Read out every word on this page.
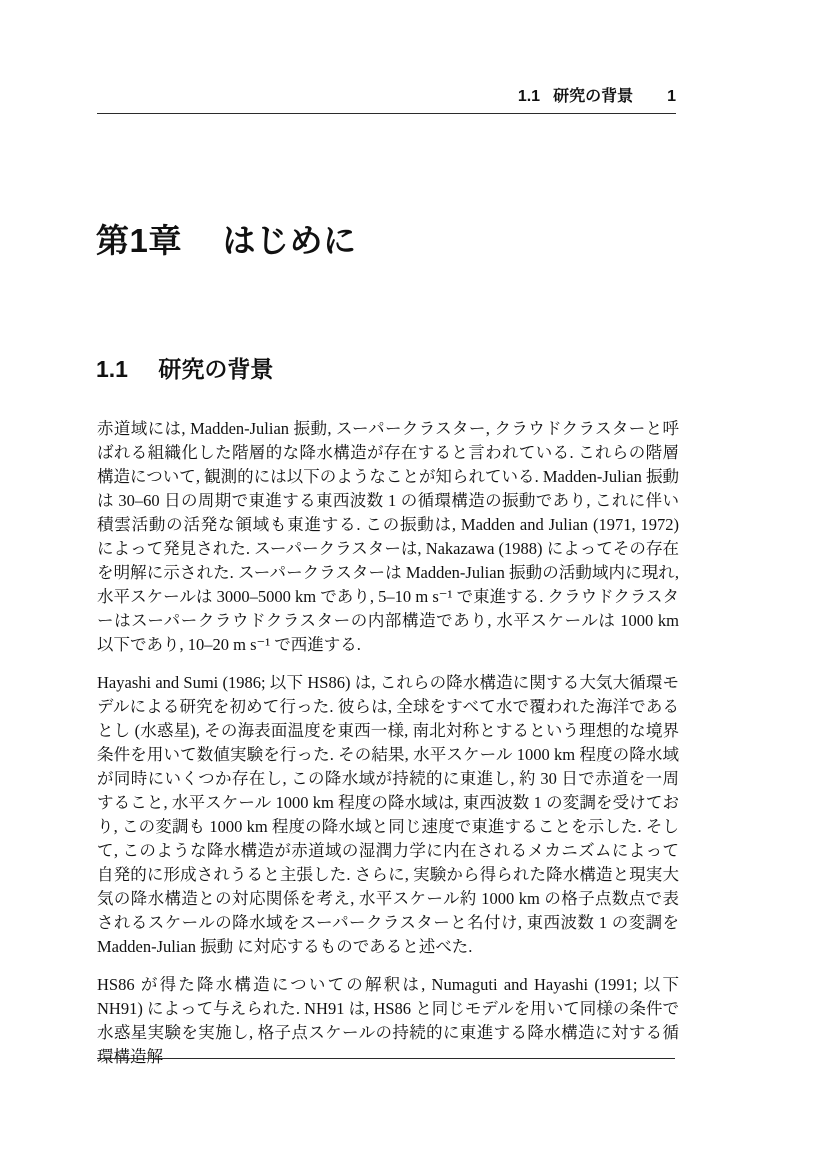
1.1 研究の背景 1
第1章 はじめに
1.1 研究の背景

赤道域には, Madden-Julian 振動, スーパークラスター, クラウドクラスターと呼ばれる組織化した階層的な降水構造が存在すると言われている. これらの階層構造について, 観測的には以下のようなことが知られている. Madden-Julian 振動は 30–60 日の周期で東進する東西波数 1 の循環構造の振動であり, これに伴い積雲活動の活発な領域も東進する. この振動は, Madden and Julian (1971, 1972) によって発見された. スーパークラスターは, Nakazawa (1988) によってその存在を明解に示された. スーパークラスターは Madden-Julian 振動の活動域内に現れ, 水平スケールは 3000–5000 km であり, 5–10 m s⁻¹ で東進する. クラウドクラスターはスーパークラウドクラスターの内部構造であり, 水平スケールは 1000 km 以下であり, 10–20 m s⁻¹ で西進する.

Hayashi and Sumi (1986; 以下 HS86) は, これらの降水構造に関する大気大循環モデルによる研究を初めて行った. 彼らは, 全球をすべて水で覆われた海洋であるとし (水惑星), その海表面温度を東西一様, 南北対称とするという理想的な境界条件を用いて数値実験を行った. その結果, 水平スケール 1000 km 程度の降水域が同時にいくつか存在し, この降水域が持続的に東進し, 約 30 日で赤道を一周すること, 水平スケール 1000 km 程度の降水域は, 東西波数 1 の変調を受けており, この変調も 1000 km 程度の降水域と同じ速度で東進することを示した. そして, このような降水構造が赤道域の湿潤力学に内在されるメカニズムによって自発的に形成されうると主張した. さらに, 実験から得られた降水構造と現実大気の降水構造との対応関係を考え, 水平スケール約 1000 km の格子点数点で表されるスケールの降水域をスーパークラスターと名付け, 東西波数 1 の変調を Madden-Julian 振動 に対応するものであると述べた.

HS86 が得た降水構造についての解釈は, Numaguti and Hayashi (1991; 以下 NH91) によって与えられた. NH91 は, HS86 と同じモデルを用いて同様の条件で水惑星実験を実施し, 格子点スケールの持続的に東進する降水構造に対する循環構造解
